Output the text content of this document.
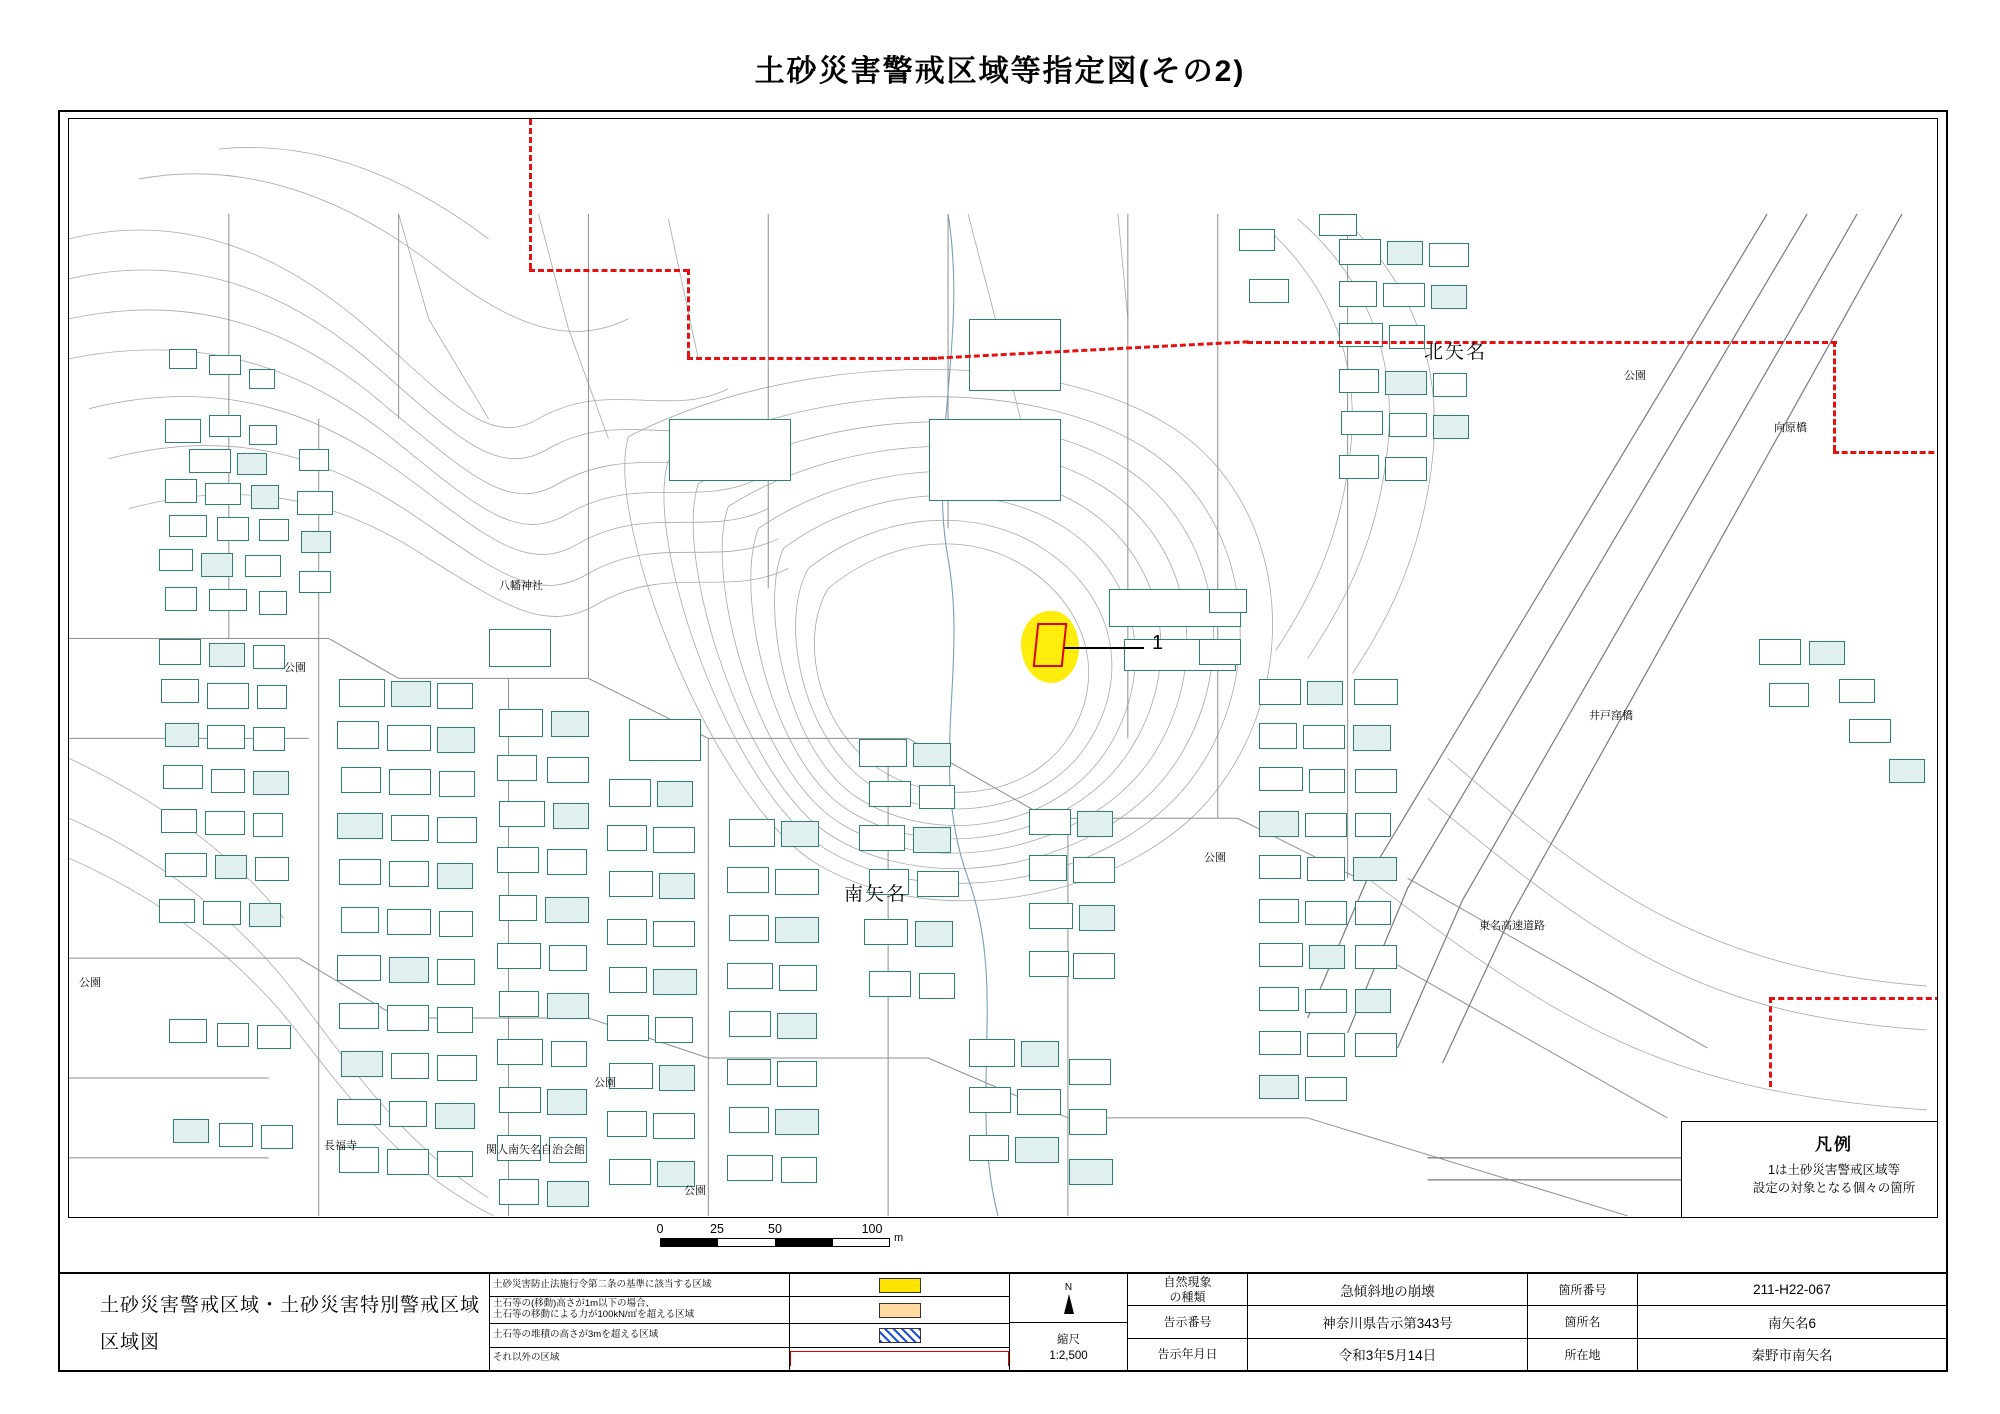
土砂災害警戒区域等指定図(その2)
1
北矢名
南矢名
八幡神社
公園
公園
公園
公園
公園
公園
長福寺	関人南矢名自治会館
向原橋
井戸窪橋
東名高速道路
凡例
1は土砂災害警戒区域等
設定の対象となる個々の箇所
0	25	50	100
m
土砂災害警戒区域・土砂災害特別警戒区域
区域図
土砂災害防止法施行令第二条の基準に該当する区域
土石等の(移動)高さが1m以下の場合、
土石等の移動による力が100kN/㎡を超える区域
土石等の堆積の高さが3mを超える区域
それ以外の区域
N
縮尺
1:2,500
自然現象
の種類	急傾斜地の崩壊	箇所番号	211-H22-067
告示番号	神奈川県告示第343号	箇所名	南矢名6
告示年月日	令和3年5月14日	所在地	秦野市南矢名
